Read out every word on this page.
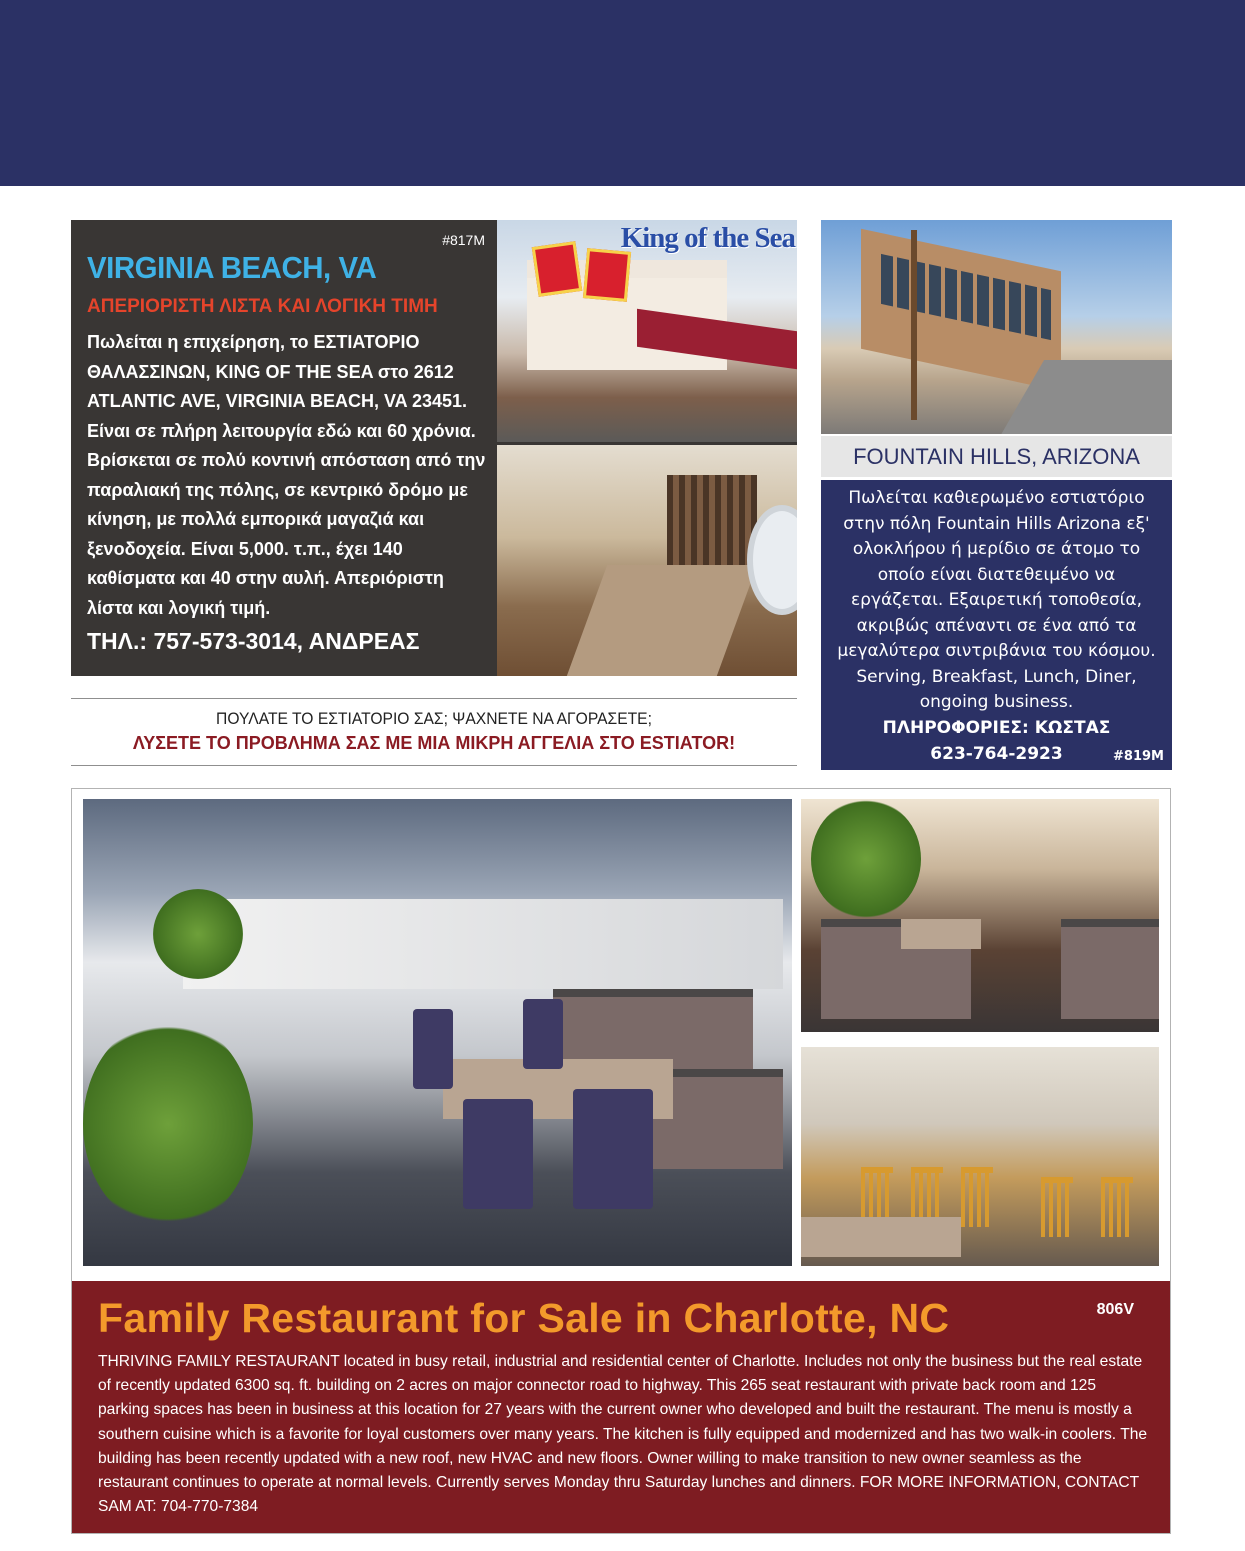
#817M
VIRGINIA BEACH, VA
ΑΠΕΡΙΟΡΙΣΤΗ ΛΙΣΤΑ ΚΑΙ ΛΟΓΙΚΗ ΤΙΜΗ
Πωλείται η επιχείρηση, το ΕΣΤΙΑΤΟΡΙΟ ΘΑΛΑΣΣΙΝΩΝ, KING OF THE SEA στο 2612 ATLANTIC AVE, VIRGINIA BEACH, VA 23451. Είναι σε πλήρη λειτουργία εδώ και 60 χρόνια. Βρίσκεται σε πολύ κοντινή απόσταση από την παραλιακή της πόλης, σε κεντρικό δρόμο με κίνηση, με πολλά εμπορικά μαγαζιά και ξενοδοχεία. Είναι 5,000. τ.π., έχει 140 καθίσματα και 40 στην αυλή. Απεριόριστη λίστα και λογική τιμή.
ΤΗΛ.: 757-573-3014, ΑΝΔΡΕΑΣ
King of the Sea
FOUNTAIN HILLS, ARIZONA
Πωλείται καθιερωμένο εστιατόριο στην πόλη Fountain Hills Arizona εξ' ολοκλήρου ή μερίδιο σε άτομο το οποίο είναι διατεθειμένο να εργάζεται. Εξαιρετική τοποθεσία, ακριβώς απέναντι σε ένα από τα μεγαλύτερα σιντριβάνια του κόσμου. Serving, Breakfast, Lunch, Diner, ongoing business.
ΠΛΗΡΟΦΟΡΙΕΣ: ΚΩΣΤΑΣ
623-764-2923	#819M
ΠΟΥΛΑΤΕ ΤΟ ΕΣΤΙΑΤΟΡΙΟ ΣΑΣ; ΨΑΧΝΕΤΕ ΝΑ ΑΓΟΡΑΣΕΤΕ;
ΛΥΣΕΤΕ ΤΟ ΠΡΟΒΛΗΜΑ ΣΑΣ ΜΕ ΜΙΑ ΜΙΚΡΗ ΑΓΓΕΛΙΑ ΣΤΟ ESTIATOR!
Family Restaurant for Sale in Charlotte, NC	806V
THRIVING FAMILY RESTAURANT located in busy retail, industrial and residential center of Charlotte. Includes not only the business but the real estate of recently updated 6300 sq. ft. building on 2 acres on major connector road to highway. This 265 seat restaurant with private back room and 125 parking spaces has been in business at this location for 27 years with the current owner who developed and built the restaurant. The menu is mostly a southern cuisine which is a favorite for loyal customers over many years. The kitchen is fully equipped and modernized and has two walk-in coolers. The building has been recently updated with a new roof, new HVAC and new floors. Owner willing to make transition to new owner seamless as the restaurant continues to operate at normal levels. Currently serves Monday thru Saturday lunches and dinners. FOR MORE INFORMATION, CONTACT SAM AT: 704-770-7384
